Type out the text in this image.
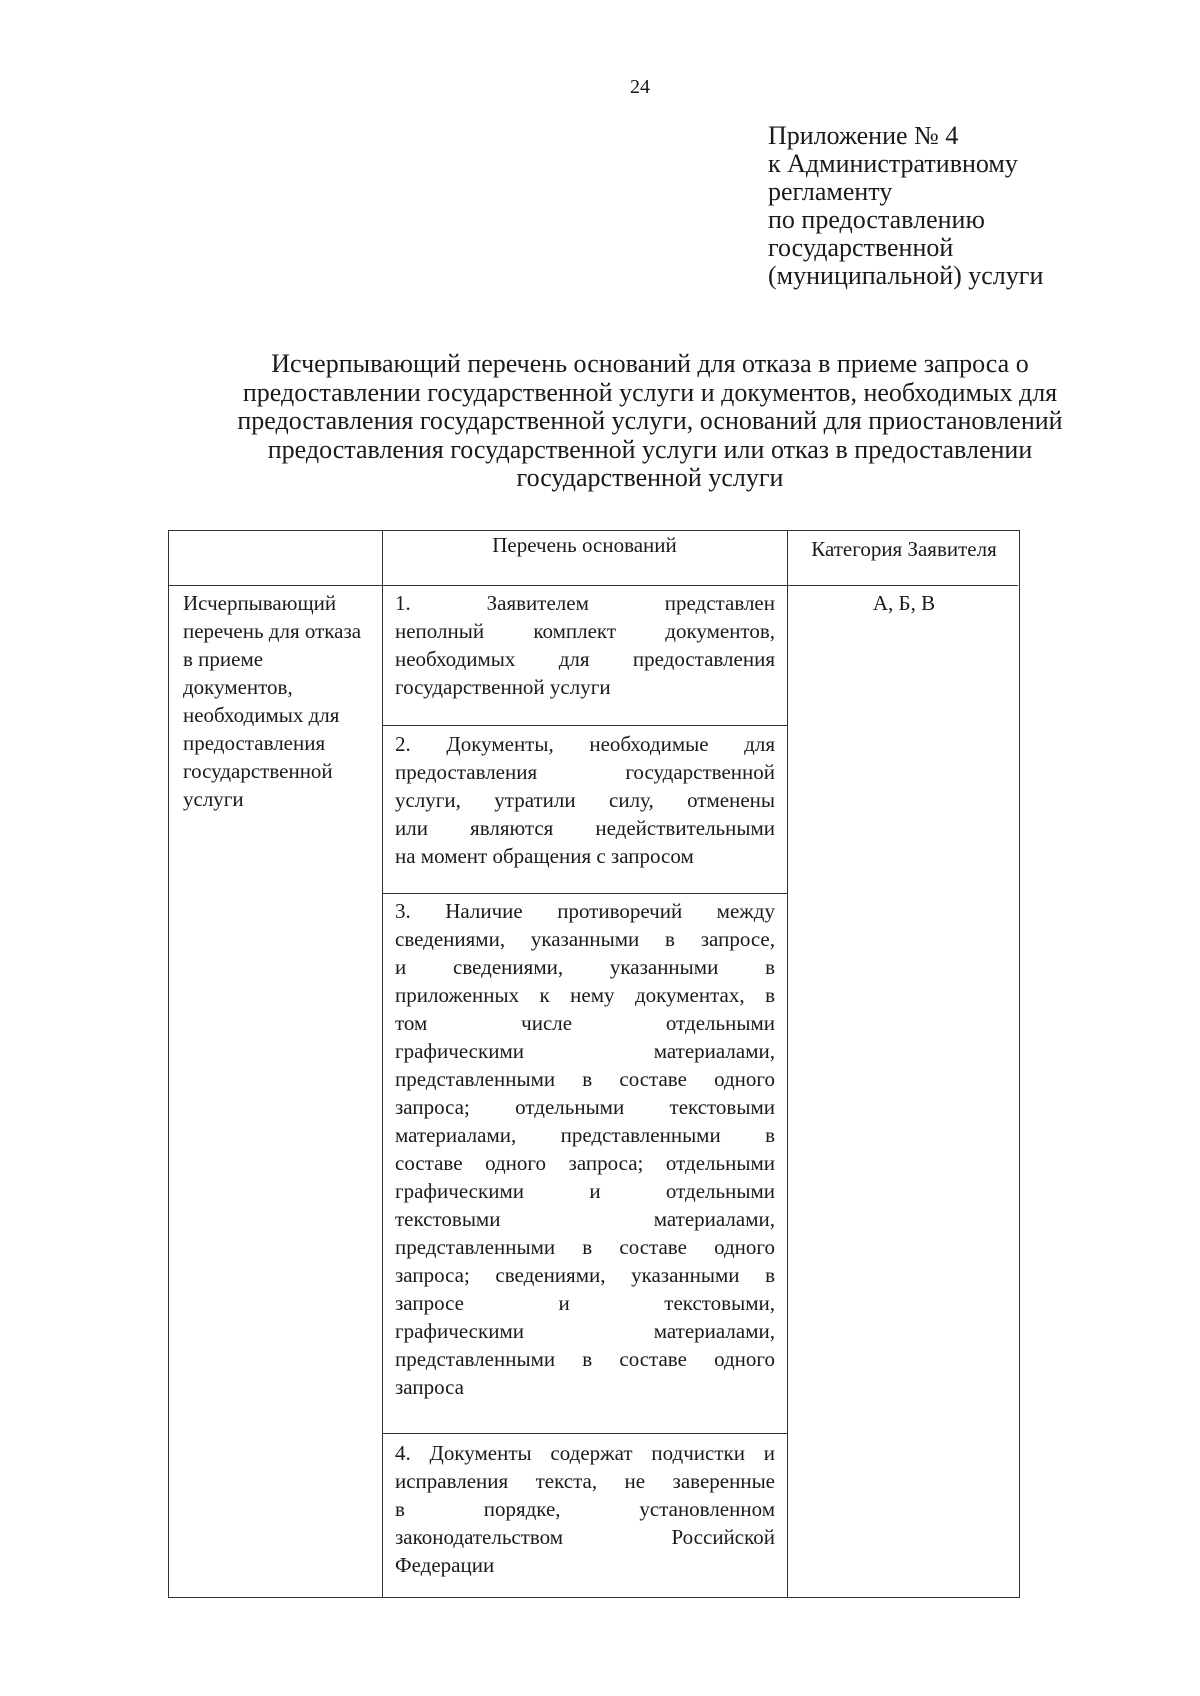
24
Приложение № 4
к Административному
регламенту
по предоставлению
государственной
(муниципальной) услуги
Исчерпывающий перечень оснований для отказа в приеме запроса о
предоставлении государственной услуги и документов, необходимых для
предоставления государственной услуги, оснований для приостановлений
предоставления государственной услуги или отказ в предоставлении
государственной услуги
Перечень оснований	Категория Заявителя
Исчерпывающий перечень для отказа в приеме документов, необходимых для предоставления государственной услуги
А, Б, В
1. Заявителем представлен
неполный комплект документов,
необходимых для предоставления
государственной услуги
2. Документы, необходимые для
предоставления государственной
услуги, утратили силу, отменены
или являются недействительными
на момент обращения с запросом
3. Наличие противоречий между
сведениями, указанными в запросе,
и сведениями, указанными в
приложенных к нему документах, в
том числе отдельными
графическими материалами,
представленными в составе одного
запроса; отдельными текстовыми
материалами, представленными в
составе одного запроса; отдельными
графическими и отдельными
текстовыми материалами,
представленными в составе одного
запроса; сведениями, указанными в
запросе и текстовыми,
графическими материалами,
представленными в составе одного
запроса
4. Документы содержат подчистки и
исправления текста, не заверенные
в порядке, установленном
законодательством Российской
Федерации
